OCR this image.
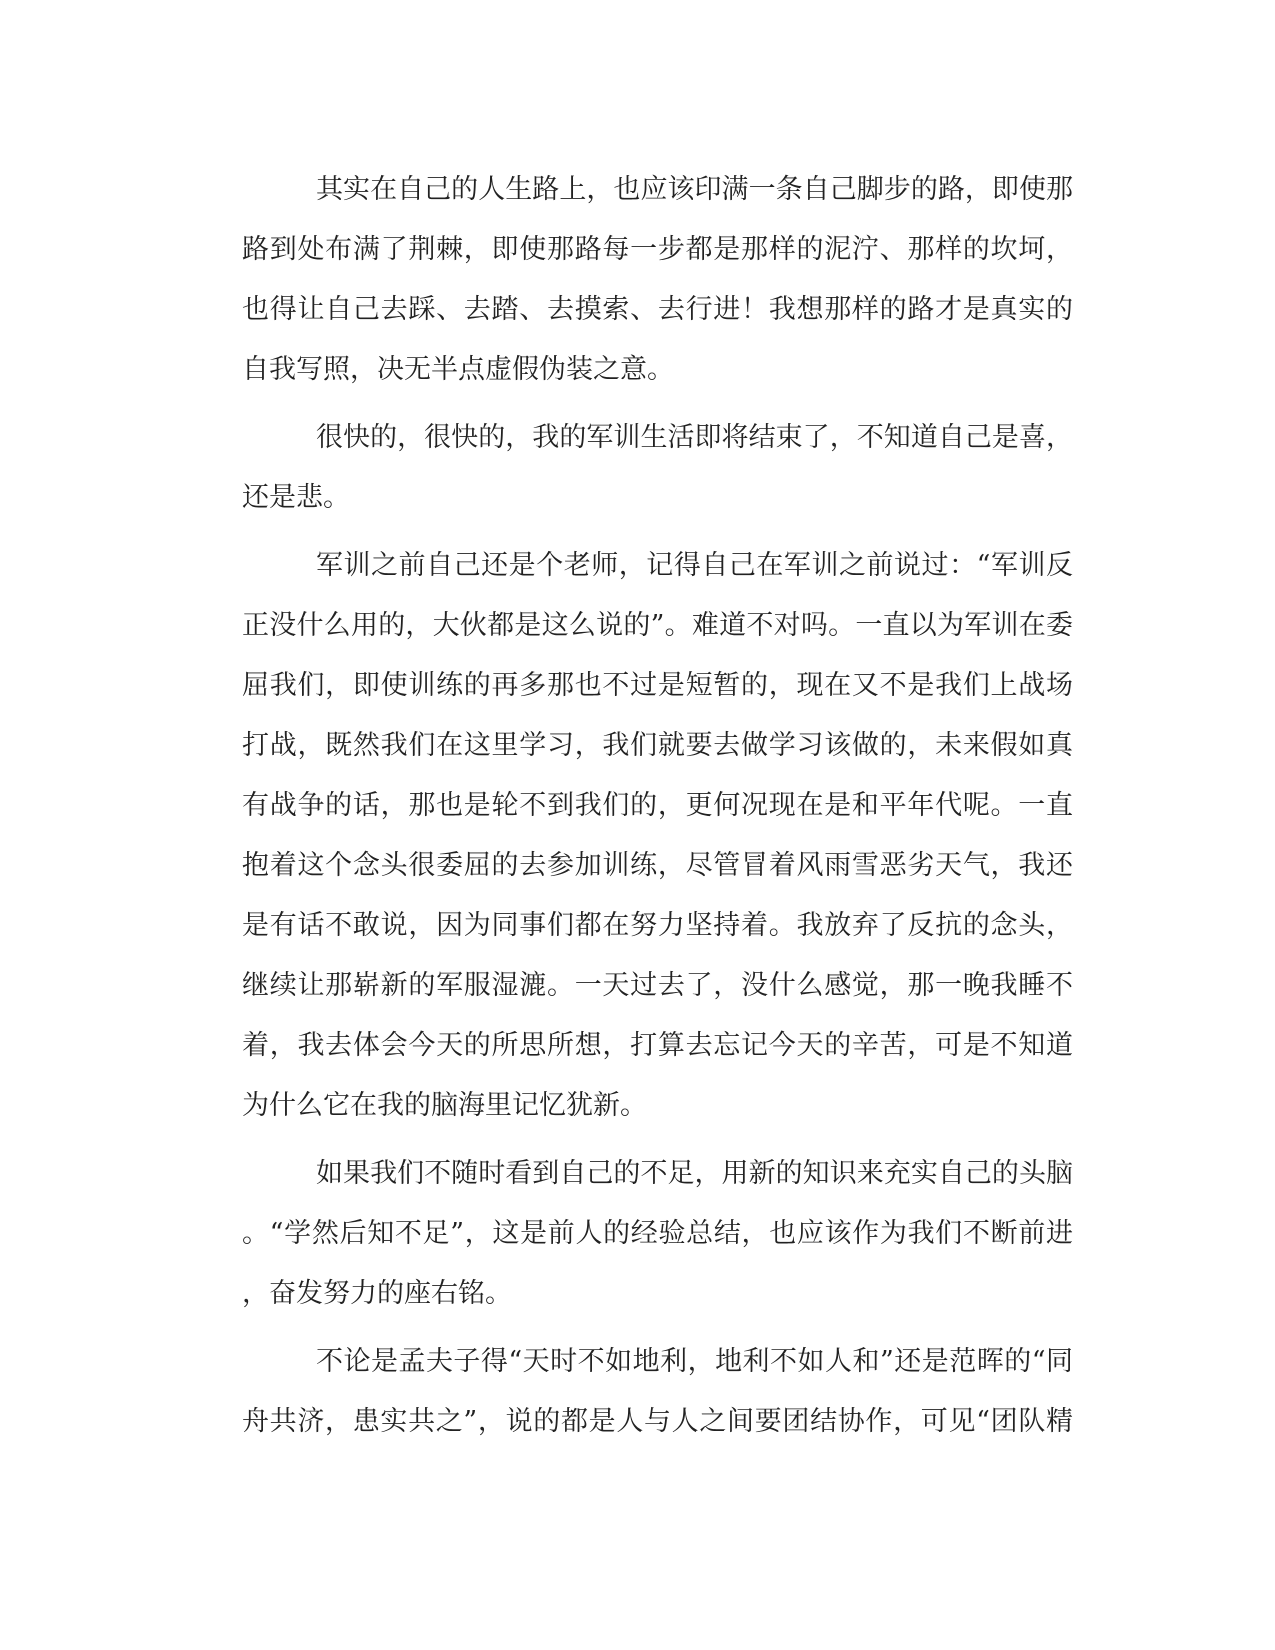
其实在自己的人生路上，也应该印满一条自己脚步的路，即使那
路到处布满了荆棘，即使那路每一步都是那样的泥泞、那样的坎坷，
也得让自己去踩、去踏、去摸索、去行进！我想那样的路才是真实的
自我写照，决无半点虚假伪装之意。
很快的，很快的，我的军训生活即将结束了，不知道自己是喜，
还是悲。
军训之前自己还是个老师，记得自己在军训之前说过：“军训反
正没什么用的，大伙都是这么说的”。难道不对吗。一直以为军训在委
屈我们，即使训练的再多那也不过是短暂的，现在又不是我们上战场
打战，既然我们在这里学习，我们就要去做学习该做的，未来假如真
有战争的话，那也是轮不到我们的，更何况现在是和平年代呢。一直
抱着这个念头很委屈的去参加训练，尽管冒着风雨雪恶劣天气，我还
是有话不敢说，因为同事们都在努力坚持着。我放弃了反抗的念头，
继续让那崭新的军服湿漉。一天过去了，没什么感觉，那一晚我睡不
着，我去体会今天的所思所想，打算去忘记今天的辛苦，可是不知道
为什么它在我的脑海里记忆犹新。
如果我们不随时看到自己的不足，用新的知识来充实自己的头脑
。“学然后知不足”，这是前人的经验总结，也应该作为我们不断前进
，奋发努力的座右铭。
不论是孟夫子得“天时不如地利，地利不如人和”还是范晖的“同
舟共济，患实共之”，说的都是人与人之间要团结协作，可见“团队精
